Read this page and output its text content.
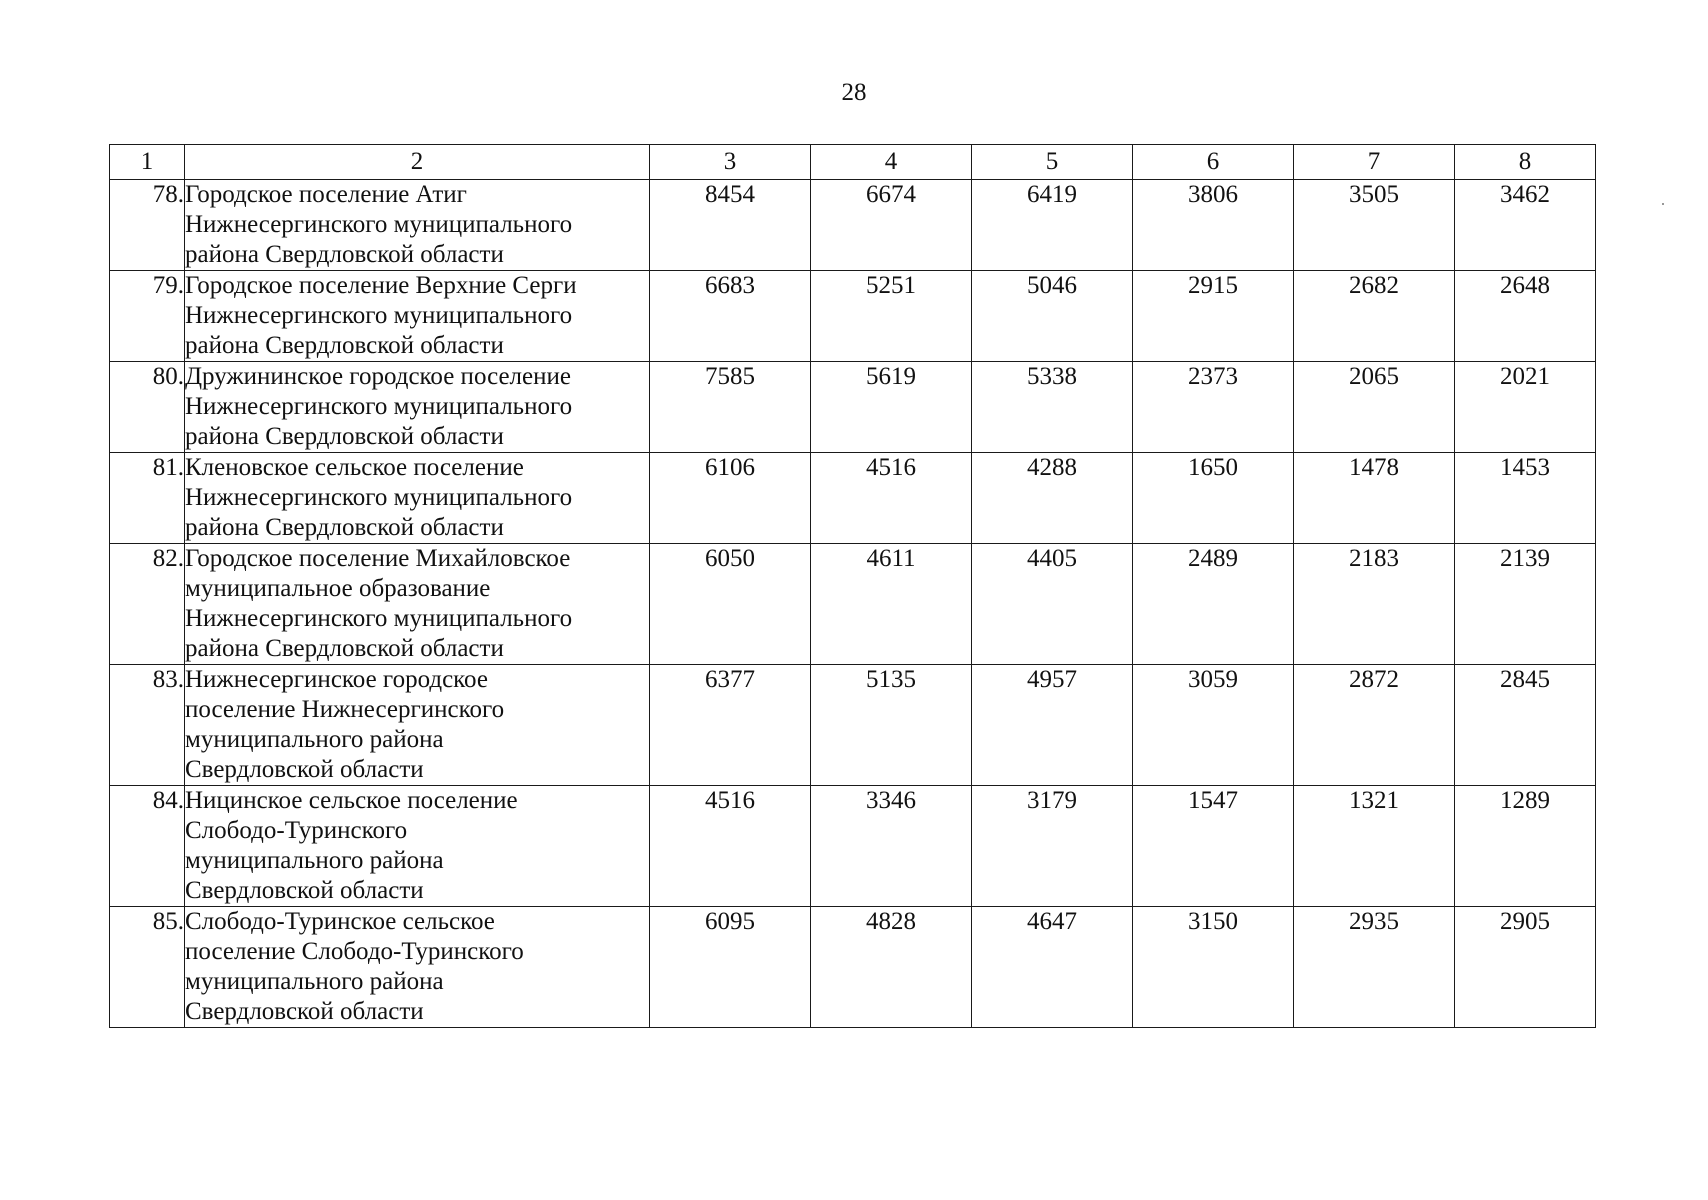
28
1	2	3	4	5	6	7	8
78.	Городское поселение Атиг
Нижнесергинского муниципального
района Свердловской области	8454	6674	6419	3806	3505	3462
79.	Городское поселение Верхние Серги
Нижнесергинского муниципального
района Свердловской области	6683	5251	5046	2915	2682	2648
80.	Дружининское городское поселение
Нижнесергинского муниципального
района Свердловской области	7585	5619	5338	2373	2065	2021
81.	Кленовское сельское поселение
Нижнесергинского муниципального
района Свердловской области	6106	4516	4288	1650	1478	1453
82.	Городское поселение Михайловское
муниципальное образование
Нижнесергинского муниципального
района Свердловской области	6050	4611	4405	2489	2183	2139
83.	Нижнесергинское городское
поселение Нижнесергинского
муниципального района
Свердловской области	6377	5135	4957	3059	2872	2845
84.	Ницинское сельское поселение
Слободо-Туринского
муниципального района
Свердловской области	4516	3346	3179	1547	1321	1289
85.	Слободо-Туринское сельское
поселение Слободо-Туринского
муниципального района
Свердловской области	6095	4828	4647	3150	2935	2905
